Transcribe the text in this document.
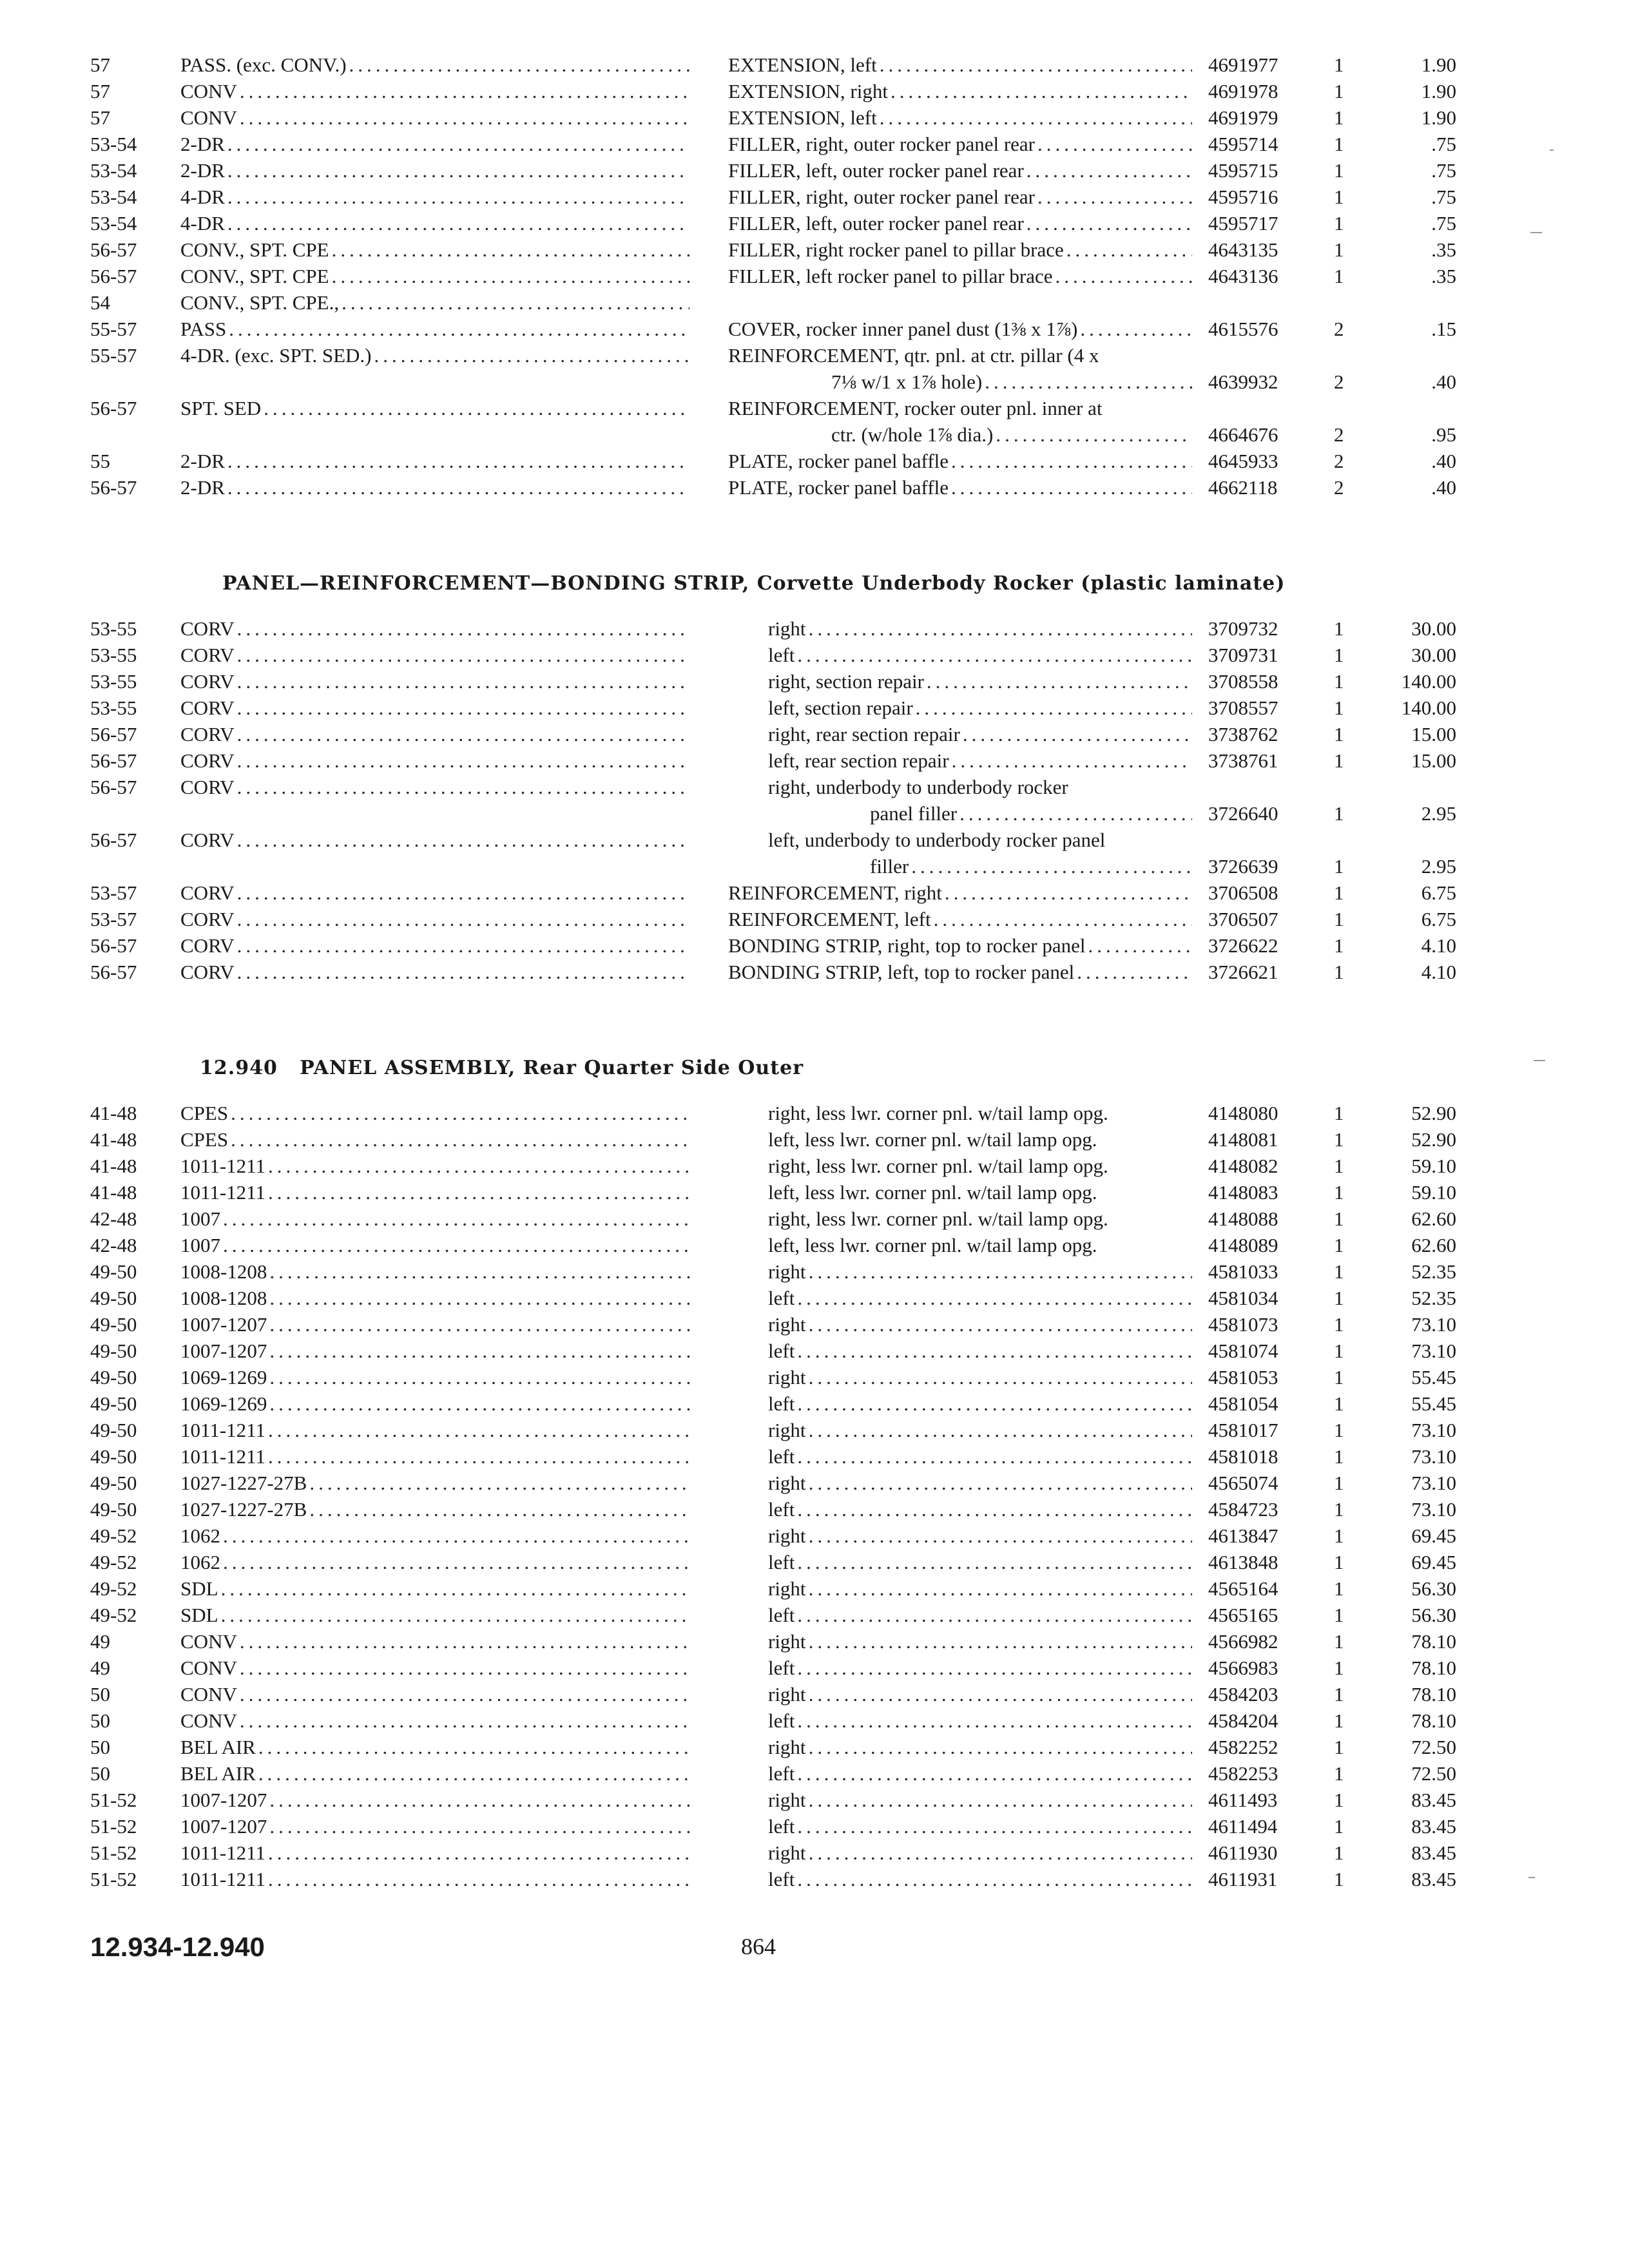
57	PASS. (exc. CONV.) .....	EXTENSION, left .....	4691977	1	1.90
57	CONV .....	EXTENSION, right .....	4691978	1	1.90
57	CONV .....	EXTENSION, left .....	4691979	1	1.90
53-54	2-DR .....	FILLER, right, outer rocker panel rear .....	4595714	1	.75
53-54	2-DR .....	FILLER, left, outer rocker panel rear .....	4595715	1	.75
53-54	4-DR .....	FILLER, right, outer rocker panel rear .....	4595716	1	.75
53-54	4-DR .....	FILLER, left, outer rocker panel rear .....	4595717	1	.75
56-57	CONV., SPT. CPE .....	FILLER, right rocker panel to pillar brace .....	4643135	1	.35
56-57	CONV., SPT. CPE .....	FILLER, left rocker panel to pillar brace .....	4643136	1	.35
54	CONV., SPT. CPE.,
.....
55-57	PASS .....	COVER, rocker inner panel dust (1⅜ x 1⅞) .....	4615576	2	.15
55-57	4-DR. (exc. SPT. SED.) .....	REINFORCEMENT, qtr. pnl. at ctr. pillar (4 x
7⅛ w/1 x 1⅞ hole) .....	4639932	2	.40
56-57	SPT. SED .....	REINFORCEMENT, rocker outer pnl. inner at
ctr. (w/hole 1⅞ dia.) .....	4664676	2	.95
55	2-DR .....	PLATE, rocker panel baffle .....	4645933	2	.40
56-57	2-DR .....	PLATE, rocker panel baffle .....	4662118	2	.40
PANEL—REINFORCEMENT—BONDING STRIP, Corvette Underbody Rocker (plastic laminate)
53-55	CORV .....	right .....	3709732	1	30.00
53-55	CORV .....	left .....	3709731	1	30.00
53-55	CORV .....	right, section repair .....	3708558	1	140.00
53-55	CORV .....	left, section repair .....	3708557	1	140.00
56-57	CORV .....	right, rear section repair .....	3738762	1	15.00
56-57	CORV .....	left, rear section repair .....	3738761	1	15.00
56-57	CORV .....	right, underbody to underbody rocker
panel filler .....	3726640	1	2.95
56-57	CORV .....	left, underbody to underbody rocker panel
filler .....	3726639	1	2.95
53-57	CORV .....	REINFORCEMENT, right .....	3706508	1	6.75
53-57	CORV .....	REINFORCEMENT, left .....	3706507	1	6.75
56-57	CORV .....	BONDING STRIP, right, top to rocker panel .....	3726622	1	4.10
56-57	CORV .....	BONDING STRIP, left, top to rocker panel .....	3726621	1	4.10
12.940 PANEL ASSEMBLY, Rear Quarter Side Outer
41-48	CPES .....	right, less lwr. corner pnl. w/tail lamp opg.	4148080	1	52.90
41-48	CPES .....	left, less lwr. corner pnl. w/tail lamp opg.	4148081	1	52.90
41-48	1011-1211 .....	right, less lwr. corner pnl. w/tail lamp opg.	4148082	1	59.10
41-48	1011-1211 .....	left, less lwr. corner pnl. w/tail lamp opg.	4148083	1	59.10
42-48	1007 .....	right, less lwr. corner pnl. w/tail lamp opg.	4148088	1	62.60
42-48	1007 .....	left, less lwr. corner pnl. w/tail lamp opg.	4148089	1	62.60
49-50	1008-1208 .....	right .....	4581033	1	52.35
49-50	1008-1208 .....	left .....	4581034	1	52.35
49-50	1007-1207 .....	right .....	4581073	1	73.10
49-50	1007-1207 .....	left .....	4581074	1	73.10
49-50	1069-1269 .....	right .....	4581053	1	55.45
49-50	1069-1269 .....	left .....	4581054	1	55.45
49-50	1011-1211 .....	right .....	4581017	1	73.10
49-50	1011-1211 .....	left .....	4581018	1	73.10
49-50	1027-1227-27B .....	right .....	4565074	1	73.10
49-50	1027-1227-27B .....	left .....	4584723	1	73.10
49-52	1062 .....	right .....	4613847	1	69.45
49-52	1062 .....	left .....	4613848	1	69.45
49-52	SDL .....	right .....	4565164	1	56.30
49-52	SDL .....	left .....	4565165	1	56.30
49	CONV .....	right .....	4566982	1	78.10
49	CONV .....	left .....	4566983	1	78.10
50	CONV .....	right .....	4584203	1	78.10
50	CONV .....	left .....	4584204	1	78.10
50	BEL AIR .....	right .....	4582252	1	72.50
50	BEL AIR .....	left .....	4582253	1	72.50
51-52	1007-1207 .....	right .....	4611493	1	83.45
51-52	1007-1207 .....	left .....	4611494	1	83.45
51-52	1011-1211 .....	right .....	4611930	1	83.45
51-52	1011-1211 .....	left .....	4611931	1	83.45
12.934-12.940	864
